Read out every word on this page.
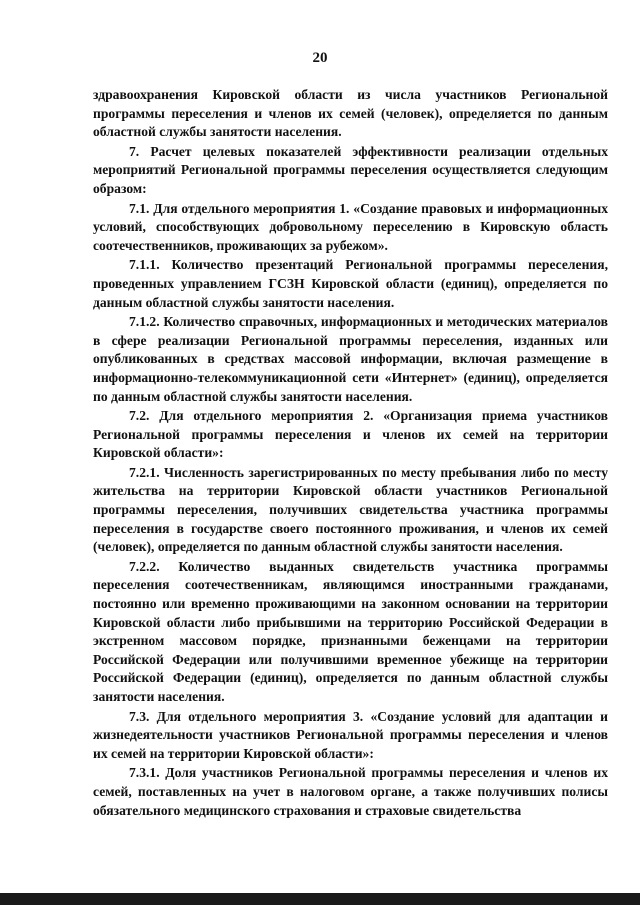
20

здравоохранения Кировской области из числа участников Региональной программы переселения и членов их семей (человек), определяется по данным областной службы занятости населения.

7. Расчет целевых показателей эффективности реализации отдельных мероприятий Региональной программы переселения осуществляется следующим образом:

7.1. Для отдельного мероприятия 1. «Создание правовых и информационных условий, способствующих добровольному переселению в Кировскую область соотечественников, проживающих за рубежом».

7.1.1. Количество презентаций Региональной программы переселения, проведенных управлением ГСЗН Кировской области (единиц), определяется по данным областной службы занятости населения.

7.1.2. Количество справочных, информационных и методических материалов в сфере реализации Региональной программы переселения, изданных или опубликованных в средствах массовой информации, включая размещение в информационно-телекоммуникационной сети «Интернет» (единиц), определяется по данным областной службы занятости населения.

7.2. Для отдельного мероприятия 2. «Организация приема участников Региональной программы переселения и членов их семей на территории Кировской области»:

7.2.1. Численность зарегистрированных по месту пребывания либо по месту жительства на территории Кировской области участников Региональной программы переселения, получивших свидетельства участника программы переселения в государстве своего постоянного проживания, и членов их семей (человек), определяется по данным областной службы занятости населения.

7.2.2. Количество выданных свидетельств участника программы переселения соотечественникам, являющимся иностранными гражданами, постоянно или временно проживающими на законном основании на территории Кировской области либо прибывшими на территорию Российской Федерации в экстренном массовом порядке, признанными беженцами на территории Российской Федерации или получившими временное убежище на территории Российской Федерации (единиц), определяется по данным областной службы занятости населения.

7.3. Для отдельного мероприятия 3. «Создание условий для адаптации и жизнедеятельности участников Региональной программы переселения и членов их семей на территории Кировской области»:

7.3.1. Доля участников Региональной программы переселения и членов их семей, поставленных на учет в налоговом органе, а также получивших полисы обязательного медицинского страхования и страховые свидетельства
